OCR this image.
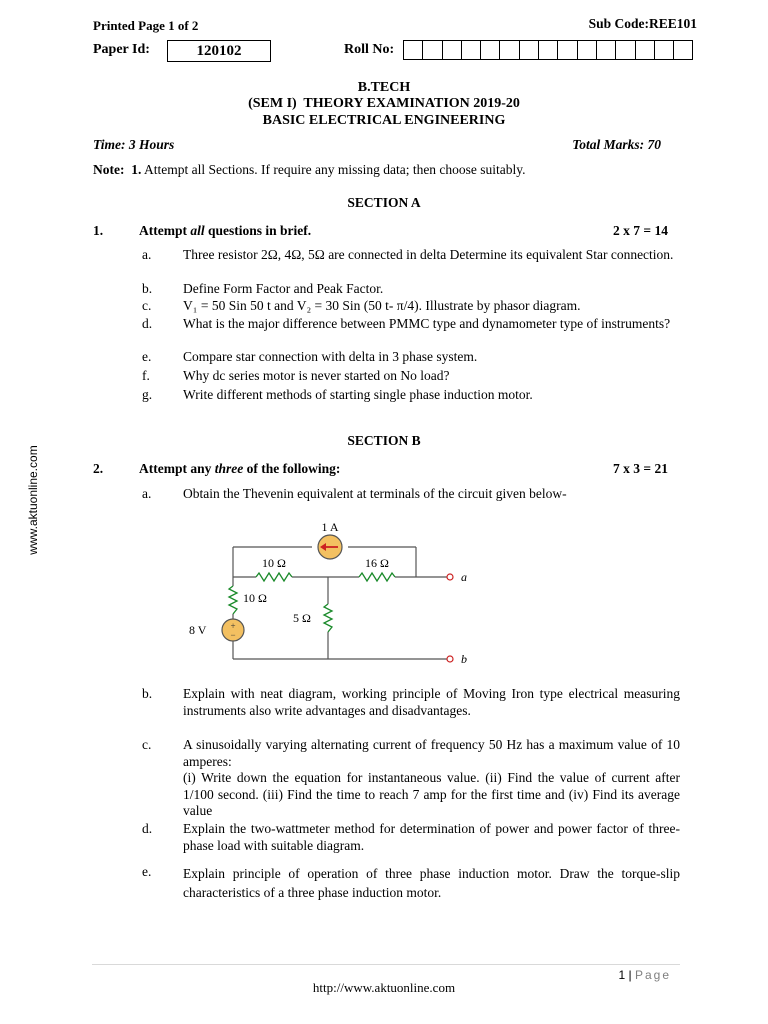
www.aktuonline.com
Printed Page 1 of 2	Sub Code:REE101
Paper Id:	120102	Roll No:
B.TECH
(SEM I)  THEORY EXAMINATION 2019-20
BASIC ELECTRICAL ENGINEERING
Time: 3 Hours	Total Marks: 70
Note: 1. Attempt all Sections. If require any missing data; then choose suitably.
SECTION A
1.	Attempt all questions in brief.	2 x 7 = 14
a.	Three resistor 2Ω, 4Ω, 5Ω are connected in delta Determine its equivalent Star connection.
b.	Define Form Factor and Peak Factor.
c.	V₁ = 50 Sin 50 t and V₂ = 30 Sin (50 t- π/4). Illustrate by phasor diagram.
d.	What is the major difference between PMMC type and dynamometer type of instruments?
e.	Compare star connection with delta in 3 phase system.
f.	Why dc series motor is never started on No load?
g.	Write different methods of starting single phase induction motor.
SECTION B
2.	Attempt any three of the following:	7 x 3 = 21
a.	Obtain the Thevenin equivalent at terminals of the circuit given below-
+
−
1 A
10 Ω	16 Ω
10 Ω
5 Ω
8 V
a
b
b.	Explain with neat diagram, working principle of Moving Iron type electrical measuring instruments also write advantages and disadvantages.
c.	A sinusoidally varying alternating current of frequency 50 Hz has a maximum value of 10 amperes:
(i) Write down the equation for instantaneous value. (ii) Find the value of current after 1/100 second. (iii) Find the time to reach 7 amp for the first time and (iv) Find its average value
d.	Explain the two-wattmeter method for determination of power and power factor of three-phase load with suitable diagram.
e.	Explain principle of operation of three phase induction motor. Draw the torque-slip characteristics of a three phase induction motor.
1 | Page
http://www.aktuonline.com
